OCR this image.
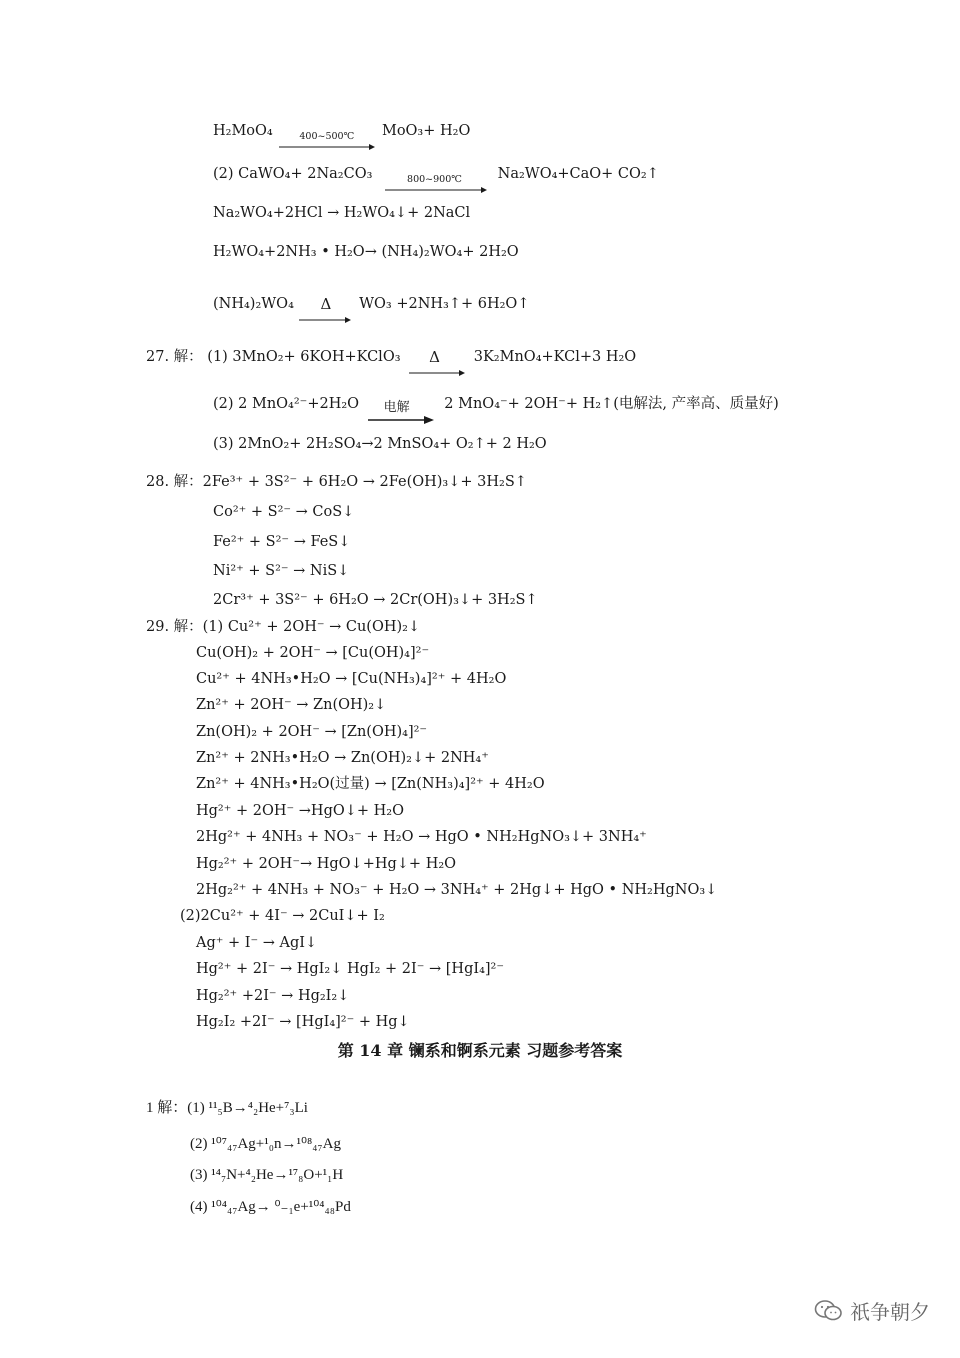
H₂MoO₄	400~500℃ MoO₃+ H₂O
(2) CaWO₄+ 2Na₂CO₃	800~900℃ Na₂WO₄+CaO+ CO₂↑
Na₂WO₄+2HCl → H₂WO₄↓+ 2NaCl
H₂WO₄+2NH₃ • H₂O→ (NH₄)₂WO₄+ 2H₂O
(NH₄)₂WO₄ Δ WO₃ +2NH₃↑+ 6H₂O↑
27. 解： (1) 3MnO₂+ 6KOH+KClO₃ Δ 3K₂MnO₄+KCl+3 H₂O
(2) 2 MnO₄²⁻+2H₂O 电解 2 MnO₄⁻+ 2OH⁻+ H₂↑(电解法, 产率高、质量好)
(3) 2MnO₂+ 2H₂SO₄→2 MnSO₄+ O₂↑+ 2 H₂O
28. 解：2Fe³⁺ + 3S²⁻ + 6H₂O → 2Fe(OH)₃↓+ 3H₂S↑
Co²⁺ + S²⁻ → CoS↓
Fe²⁺ + S²⁻ → FeS↓
Ni²⁺ + S²⁻ → NiS↓
2Cr³⁺ + 3S²⁻ + 6H₂O → 2Cr(OH)₃↓+ 3H₂S↑
29. 解：(1) Cu²⁺ + 2OH⁻ → Cu(OH)₂↓
Cu(OH)₂ + 2OH⁻ → [Cu(OH)₄]²⁻
Cu²⁺ + 4NH₃•H₂O → [Cu(NH₃)₄]²⁺ + 4H₂O
Zn²⁺ + 2OH⁻ → Zn(OH)₂↓
Zn(OH)₂ + 2OH⁻ → [Zn(OH)₄]²⁻
Zn²⁺ + 2NH₃•H₂O → Zn(OH)₂↓+ 2NH₄⁺
Zn²⁺ + 4NH₃•H₂O(过量) → [Zn(NH₃)₄]²⁺ + 4H₂O
Hg²⁺ + 2OH⁻ →HgO↓+ H₂O
2Hg²⁺ + 4NH₃ + NO₃⁻ + H₂O → HgO • NH₂HgNO₃↓+ 3NH₄⁺
Hg₂²⁺ + 2OH⁻→ HgO↓+Hg↓+ H₂O
2Hg₂²⁺ + 4NH₃ + NO₃⁻ + H₂O → 3NH₄⁺ + 2Hg↓+ HgO • NH₂HgNO₃↓
(2)2Cu²⁺ + 4I⁻ → 2CuI↓+ I₂
Ag⁺ + I⁻ → AgI↓
Hg²⁺ + 2I⁻ → HgI₂↓ HgI₂ + 2I⁻ → [HgI₄]²⁻
Hg₂²⁺ +2I⁻ → Hg₂I₂↓
Hg₂I₂ +2I⁻ → [HgI₄]²⁻ + Hg↓
第 14 章 镧系和锕系元素 习题参考答案
1 解：(1) ¹¹₅B→⁴₂He+⁷₃Li
(2) ¹⁰⁷₄₇Ag+¹₀n→¹⁰⁸₄₇Ag
(3) ¹⁴₇N+⁴₂He→¹⁷₈O+¹₁H
(4) ¹⁰⁴₄₇Ag→ ⁰₋₁e+¹⁰⁴₄₈Pd
祇争朝夕
